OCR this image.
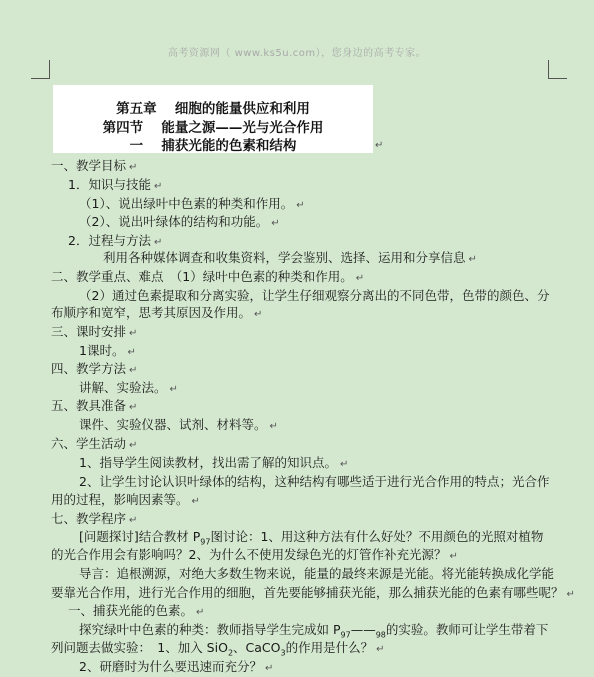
高考资源网（ www.ks5u.com），您身边的高考专家。
第五章　 细胞的能量供应和利用
第四节　 能量之源——光与光合作用
一　 捕获光能的色素和结构	↵
一、教学目标 ↵
1．知识与技能 ↵
（1）、说出绿叶中色素的种类和作用。 ↵
（2）、说出叶绿体的结构和功能。 ↵
2．过程与方法 ↵
利用各种媒体调查和收集资料，学会鉴别、选择、运用和分享信息 ↵
二、教学重点、难点　（1）绿叶中色素的种类和作用。 ↵
（2）通过色素提取和分离实验，让学生仔细观察分离出的不同色带，色带的颜色、分
布顺序和宽窄，思考其原因及作用。 ↵
三、课时安排 ↵
1课时。 ↵
四、教学方法 ↵
讲解、实验法。 ↵
五、教具准备 ↵
课件、实验仪器、试剂、材料等。 ↵
六、学生活动 ↵
1、指导学生阅读教材，找出需了解的知识点。 ↵
2、让学生讨论认识叶绿体的结构，这种结构有哪些适于进行光合作用的特点；光合作
用的过程，影响因素等。 ↵
七、教学程序 ↵
[问题探讨]结合教材 $P_{97}$图讨论：1、用这种方法有什么好处？不用颜色的光照对植物
的光合作用会有影响吗？2、为什么不使用发绿色光的灯管作补充光源？ ↵
导言：追根溯源，对绝大多数生物来说，能量的最终来源是光能。将光能转换成化学能
要靠光合作用，进行光合作用的细胞，首先要能够捕获光能，那么捕获光能的色素有哪些呢？ ↵
一、捕获光能的色素。 ↵
探究绿叶中色素的种类：教师指导学生完成如 $P_{97}——_{98}$的实验。教师可让学生带着下
列问题去做实验：　1、加入 SiO$_2$、CaCO$_3$的作用是什么？ ↵
2、研磨时为什么要迅速而充分？ ↵
